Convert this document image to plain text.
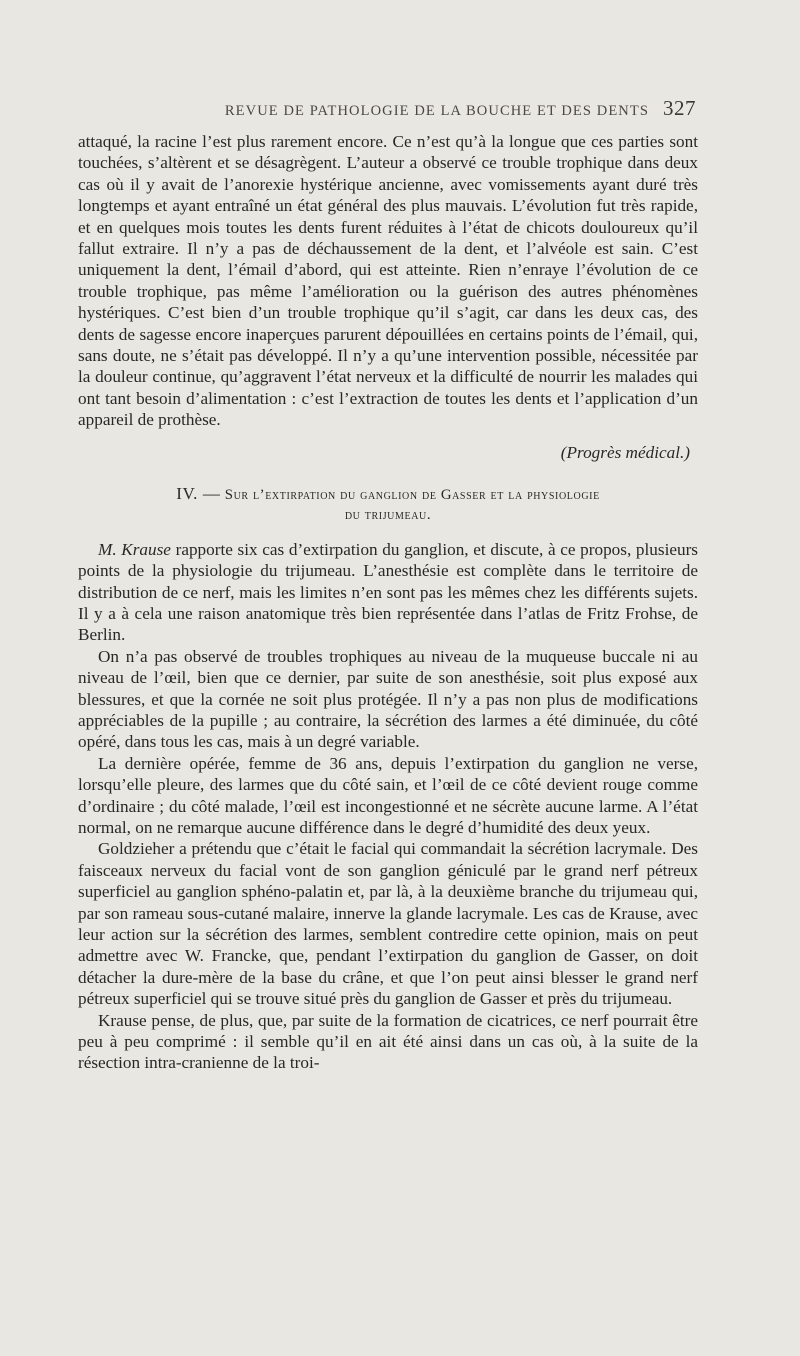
REVUE DE PATHOLOGIE DE LA BOUCHE ET DES DENTS 327

attaqué, la racine l’est plus rarement encore. Ce n’est qu’à la longue que ces parties sont touchées, s’altèrent et se désagrègent. L’auteur a observé ce trouble trophique dans deux cas où il y avait de l’anorexie hystérique ancienne, avec vomissements ayant duré très longtemps et ayant entraîné un état général des plus mauvais. L’évolution fut très rapide, et en quelques mois toutes les dents furent réduites à l’état de chicots douloureux qu’il fallut extraire. Il n’y a pas de déchaussement de la dent, et l’alvéole est sain. C’est uniquement la dent, l’émail d’abord, qui est atteinte. Rien n’enraye l’évolution de ce trouble trophique, pas même l’amélioration ou la guérison des autres phénomènes hystériques. C’est bien d’un trouble trophique qu’il s’agit, car dans les deux cas, des dents de sagesse encore inaperçues parurent dépouillées en certains points de l’émail, qui, sans doute, ne s’était pas développé. Il n’y a qu’une intervention possible, nécessitée par la douleur continue, qu’aggravent l’état nerveux et la difficulté de nourrir les malades qui ont tant besoin d’alimentation : c’est l’extraction de toutes les dents et l’application d’un appareil de prothèse.

(Progrès médical.)
IV. — Sur l’extirpation du ganglion de Gasser et la physiologie
du trijumeau.

M. Krause rapporte six cas d’extirpation du ganglion, et discute, à ce propos, plusieurs points de la physiologie du trijumeau. L’anesthésie est complète dans le territoire de distribution de ce nerf, mais les limites n’en sont pas les mêmes chez les différents sujets. Il y a à cela une raison anatomique très bien représentée dans l’atlas de Fritz Frohse, de Berlin.

On n’a pas observé de troubles trophiques au niveau de la muqueuse buccale ni au niveau de l’œil, bien que ce dernier, par suite de son anesthésie, soit plus exposé aux blessures, et que la cornée ne soit plus protégée. Il n’y a pas non plus de modifications appréciables de la pupille ; au contraire, la sécrétion des larmes a été diminuée, du côté opéré, dans tous les cas, mais à un degré variable.

La dernière opérée, femme de 36 ans, depuis l’extirpation du ganglion ne verse, lorsqu’elle pleure, des larmes que du côté sain, et l’œil de ce côté devient rouge comme d’ordinaire ; du côté malade, l’œil est incongestionné et ne sécrète aucune larme. A l’état normal, on ne remarque aucune différence dans le degré d’humidité des deux yeux.

Goldzieher a prétendu que c’était le facial qui commandait la sécrétion lacrymale. Des faisceaux nerveux du facial vont de son ganglion géniculé par le grand nerf pétreux superficiel au ganglion sphéno-palatin et, par là, à la deuxième branche du trijumeau qui, par son rameau sous-cutané malaire, innerve la glande lacrymale. Les cas de Krause, avec leur action sur la sécrétion des larmes, semblent contredire cette opinion, mais on peut admettre avec W. Francke, que, pendant l’extirpation du ganglion de Gasser, on doit détacher la dure-mère de la base du crâne, et que l’on peut ainsi blesser le grand nerf pétreux superficiel qui se trouve situé près du ganglion de Gasser et près du trijumeau.

Krause pense, de plus, que, par suite de la formation de cicatrices, ce nerf pourrait être peu à peu comprimé : il semble qu’il en ait été ainsi dans un cas où, à la suite de la résection intra-cranienne de la troi-
